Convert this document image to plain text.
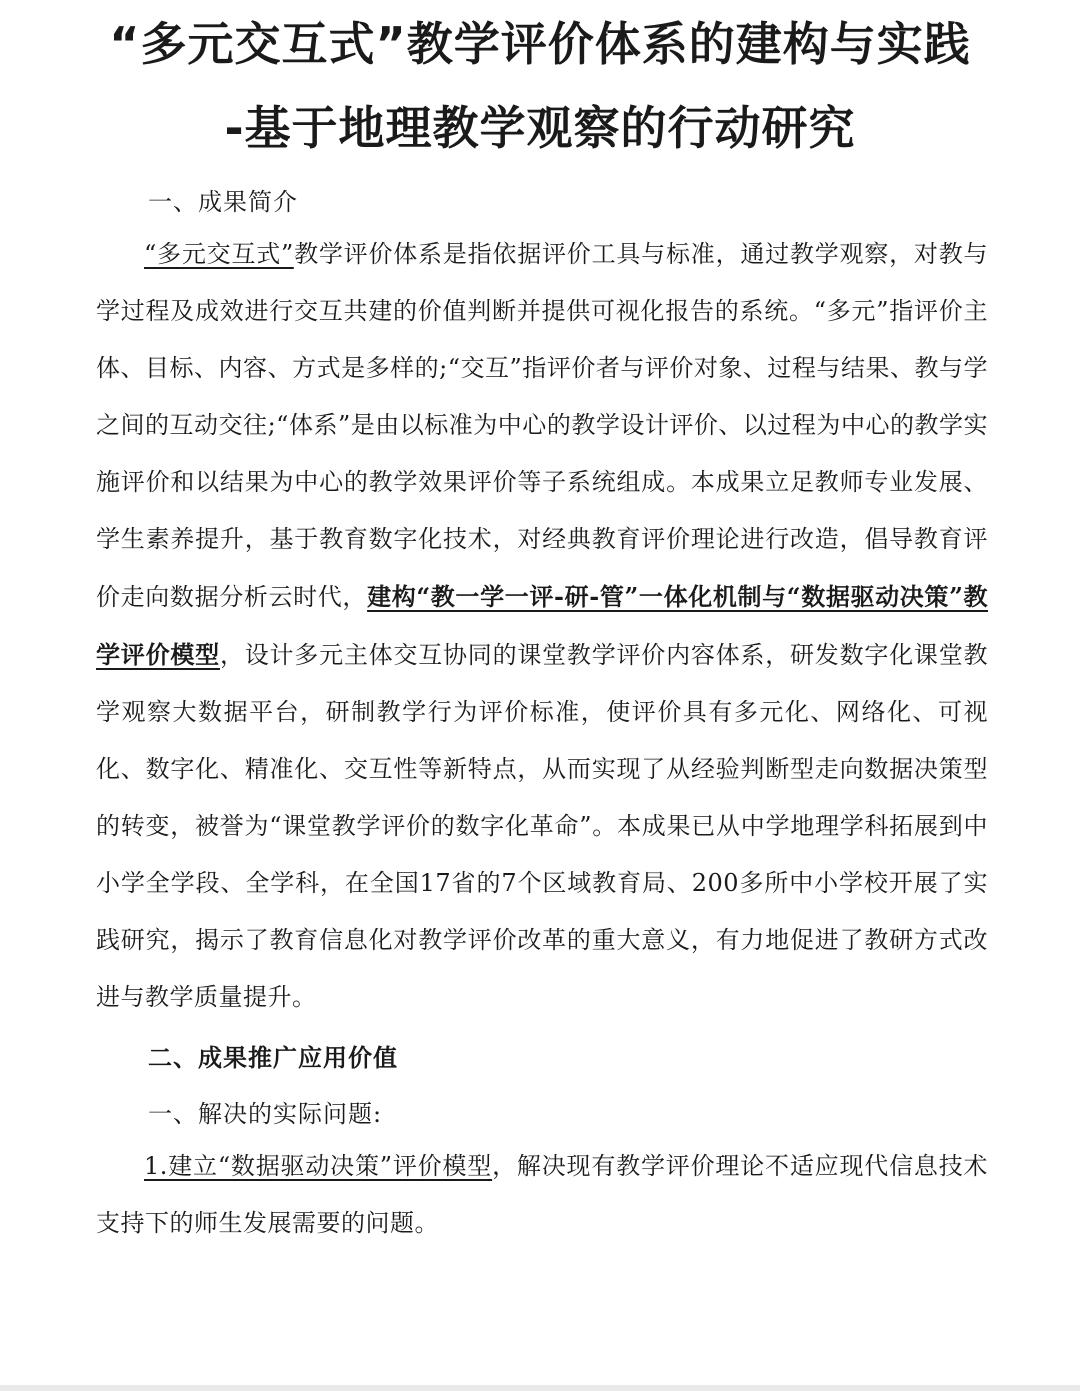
“多元交互式”教学评价体系的建构与实践
-基于地理教学观察的行动研究

一、成果简介

“多元交互式”教学评价体系是指依据评价工具与标准，通过教学观察，对教与学过程及成效进行交互共建的价值判断并提供可视化报告的系统。“多元”指评价主体、目标、内容、方式是多样的;“交互”指评价者与评价对象、过程与结果、教与学之间的互动交往;“体系”是由以标准为中心的教学设计评价、以过程为中心的教学实施评价和以结果为中心的教学效果评价等子系统组成。本成果立足教师专业发展、学生素养提升，基于教育数字化技术，对经典教育评价理论进行改造，倡导教育评价走向数据分析云时代，建构“教一学一评-研-管”一体化机制与“数据驱动决策”教学评价模型，设计多元主体交互协同的课堂教学评价内容体系，研发数字化课堂教学观察大数据平台，研制教学行为评价标准，使评价具有多元化、网络化、可视化、数字化、精准化、交互性等新特点，从而实现了从经验判断型走向数据决策型的转变，被誉为“课堂教学评价的数字化革命”。本成果已从中学地理学科拓展到中小学全学段、全学科，在全国17省的7个区域教育局、200多所中小学校开展了实践研究，揭示了教育信息化对教学评价改革的重大意义，有力地促进了教研方式改进与教学质量提升。

二、成果推广应用价值

一、解决的实际问题:

1.建立“数据驱动决策”评价模型，解决现有教学评价理论不适应现代信息技术支持下的师生发展需要的问题。
